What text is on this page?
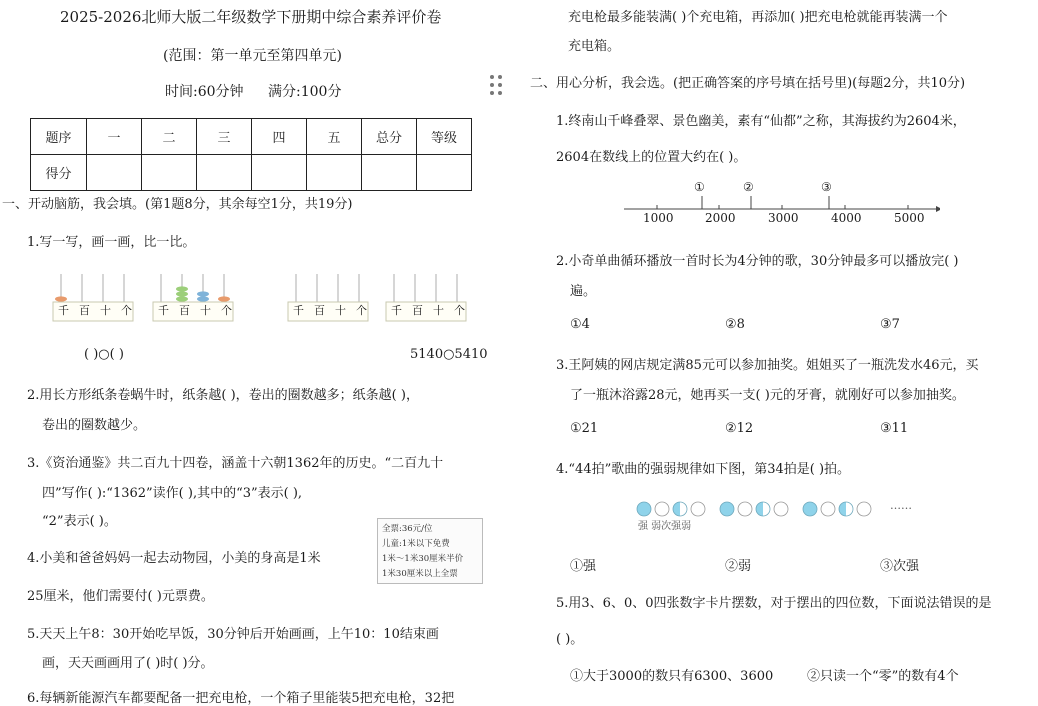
2025-2026北师大版二年级数学下册期中综合素养评价卷
(范围：第一单元至第四单元)
时间:60分钟 满分:100分
题序	一	二	三	四	五	总分	等级
得分							
一、开动脑筋，我会填。(第1题8分，其余每空1分，共19分)
1.写一写，画一画，比一比。
千 百 十 个 千 百 十 个	千 百 十 个 千 百 十 个
( )○( )	5140○5410
2.用长方形纸条卷蜗牛时，纸条越( )，卷出的圈数越多；纸条越( )，
卷出的圈数越少。
3.《资治通鉴》共二百九十四卷，涵盖十六朝1362年的历史。“二百九十
四”写作( ):“1362”读作( ),其中的“3”表示( ),
“2”表示( )。
4.小美和爸爸妈妈一起去动物园，小美的身高是1米
全票:36元/位
儿童:1米以下免费
1米～1米30厘米半价
1米30厘米以上全票
25厘米，他们需要付( )元票费。
5.天天上午8：30开始吃早饭，30分钟后开始画画，上午10：10结束画
画，天天画画用了( )时( )分。
6.每辆新能源汽车都要配备一把充电枪，一个箱子里能装5把充电枪，32把
充电枪最多能装满( )个充电箱，再添加( )把充电枪就能再装满一个
充电箱。
二、用心分析，我会选。(把正确答案的序号填在括号里)(每题2分，共10分)
1.终南山千峰叠翠、景色幽美，素有“仙都”之称，其海拔约为2604米，
2604在数线上的位置大约在( )。
①	②	③
1000	2000	3000	4000	5000
2.小奇单曲循环播放一首时长为4分钟的歌，30分钟最多可以播放完( )
遍。
①4	②8	③7
3.王阿姨的网店规定满85元可以参加抽奖。姐姐买了一瓶洗发水46元，买
了一瓶沐浴露28元，她再买一支( )元的牙膏，就刚好可以参加抽奖。
①21	②12	③11
4.“44拍”歌曲的强弱规律如下图，第34拍是( )拍。
……
强 弱次强弱
①强	②弱	③次强
5.用3、6、0、0四张数字卡片摆数，对于摆出的四位数，下面说法错误的是
( )。
①大于3000的数只有6300、3600	②只读一个“零”的数有4个
